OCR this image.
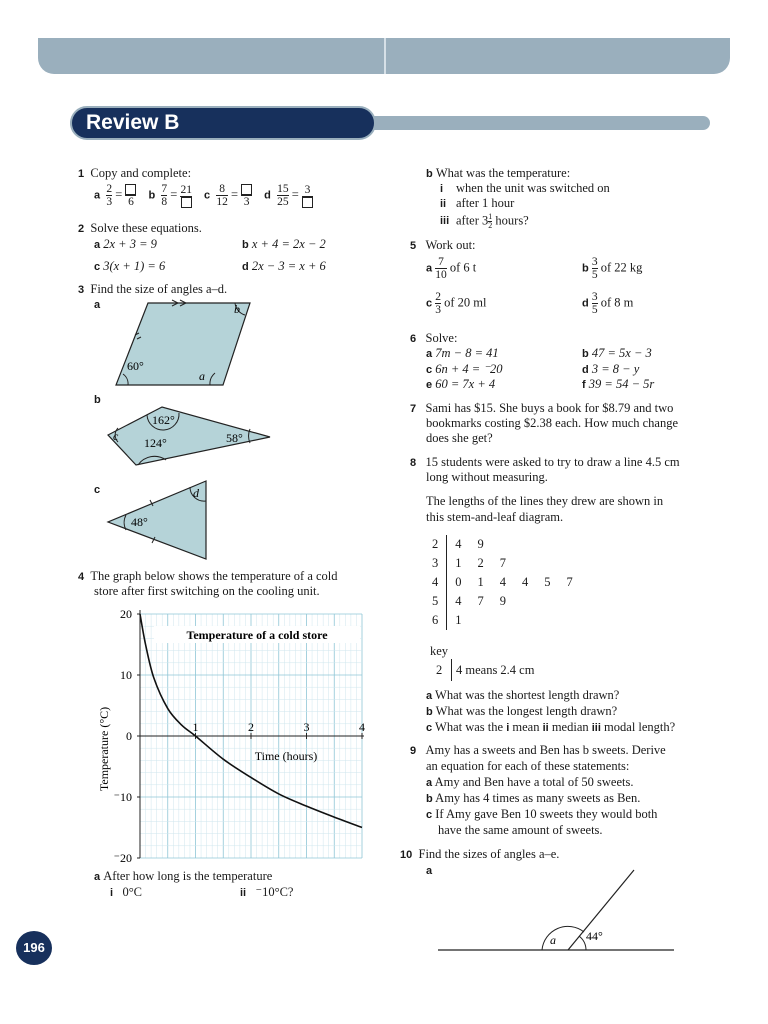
Review B
1 Copy and complete:
a $\frac{2}{3}$ =
6
b $\frac{7}{8} = 21$ c $\frac{8}{12}$ =
3
d $\frac{15}{25} = 3$
2 Solve these equations.
a 2x + 3 = 9	b x + 4 = 2x − 2
c 3(x + 1) = 6	d 2x − 3 = x + 6
3 Find the size of angles a–d.
a
b
c
60°
a
b
162°
c 124°	58°
48°
d
4 The graph below shows the temperature of a cold
store after first switching on the cooling unit.
20
10
0
⁻10
⁻20
1	2	3	4
Temperature of a cold store
Time (hours)
Temperature (°C)
a After how long is the temperature
i 0°C	ii ⁻10°C?
b What was the temperature:
i when the unit was switched on
ii after 1 hour
iii after $3 \frac{1}{2}$ hours?
5 Work out:
a $\frac{7}{10}$ of 6 t	b $\frac{3}{5}$ of 22 kg
c $\frac{2}{3}$ of 20 ml	d $\frac{3}{5}$ of 8 m
6 Solve:
a 7m − 8 = 41	b 47 = 5x − 3
c 6n + 4 = ⁻20	d 3 = 8 − y
e 60 = 7x + 4	f 39 = 54 − 5r
7 Sami has $15. She buys a book for $8.79 and two
bookmarks costing $2.38 each. How much change
does she get?
8 15 students were asked to try to draw a line 4.5 cm
long without measuring.
The lengths of the lines they drew are shown in
this stem-and-leaf diagram.
2	4	9				
3	1	2	7			
4	0	1	4	4	5	7
5	4	7	9			
6	1					
key
2 4 means 2.4 cm
a What was the shortest length drawn?
b What was the longest length drawn?
c What was the i mean ii median iii modal length?
9 Amy has a sweets and Ben has b sweets. Derive
an equation for each of these statements:
a Amy and Ben have a total of 50 sweets.
b Amy has 4 times as many sweets as Ben.
c If Amy gave Ben 10 sweets they would both
have the same amount of sweets.
10 Find the sizes of angles a–e.
a
a	44°
196
